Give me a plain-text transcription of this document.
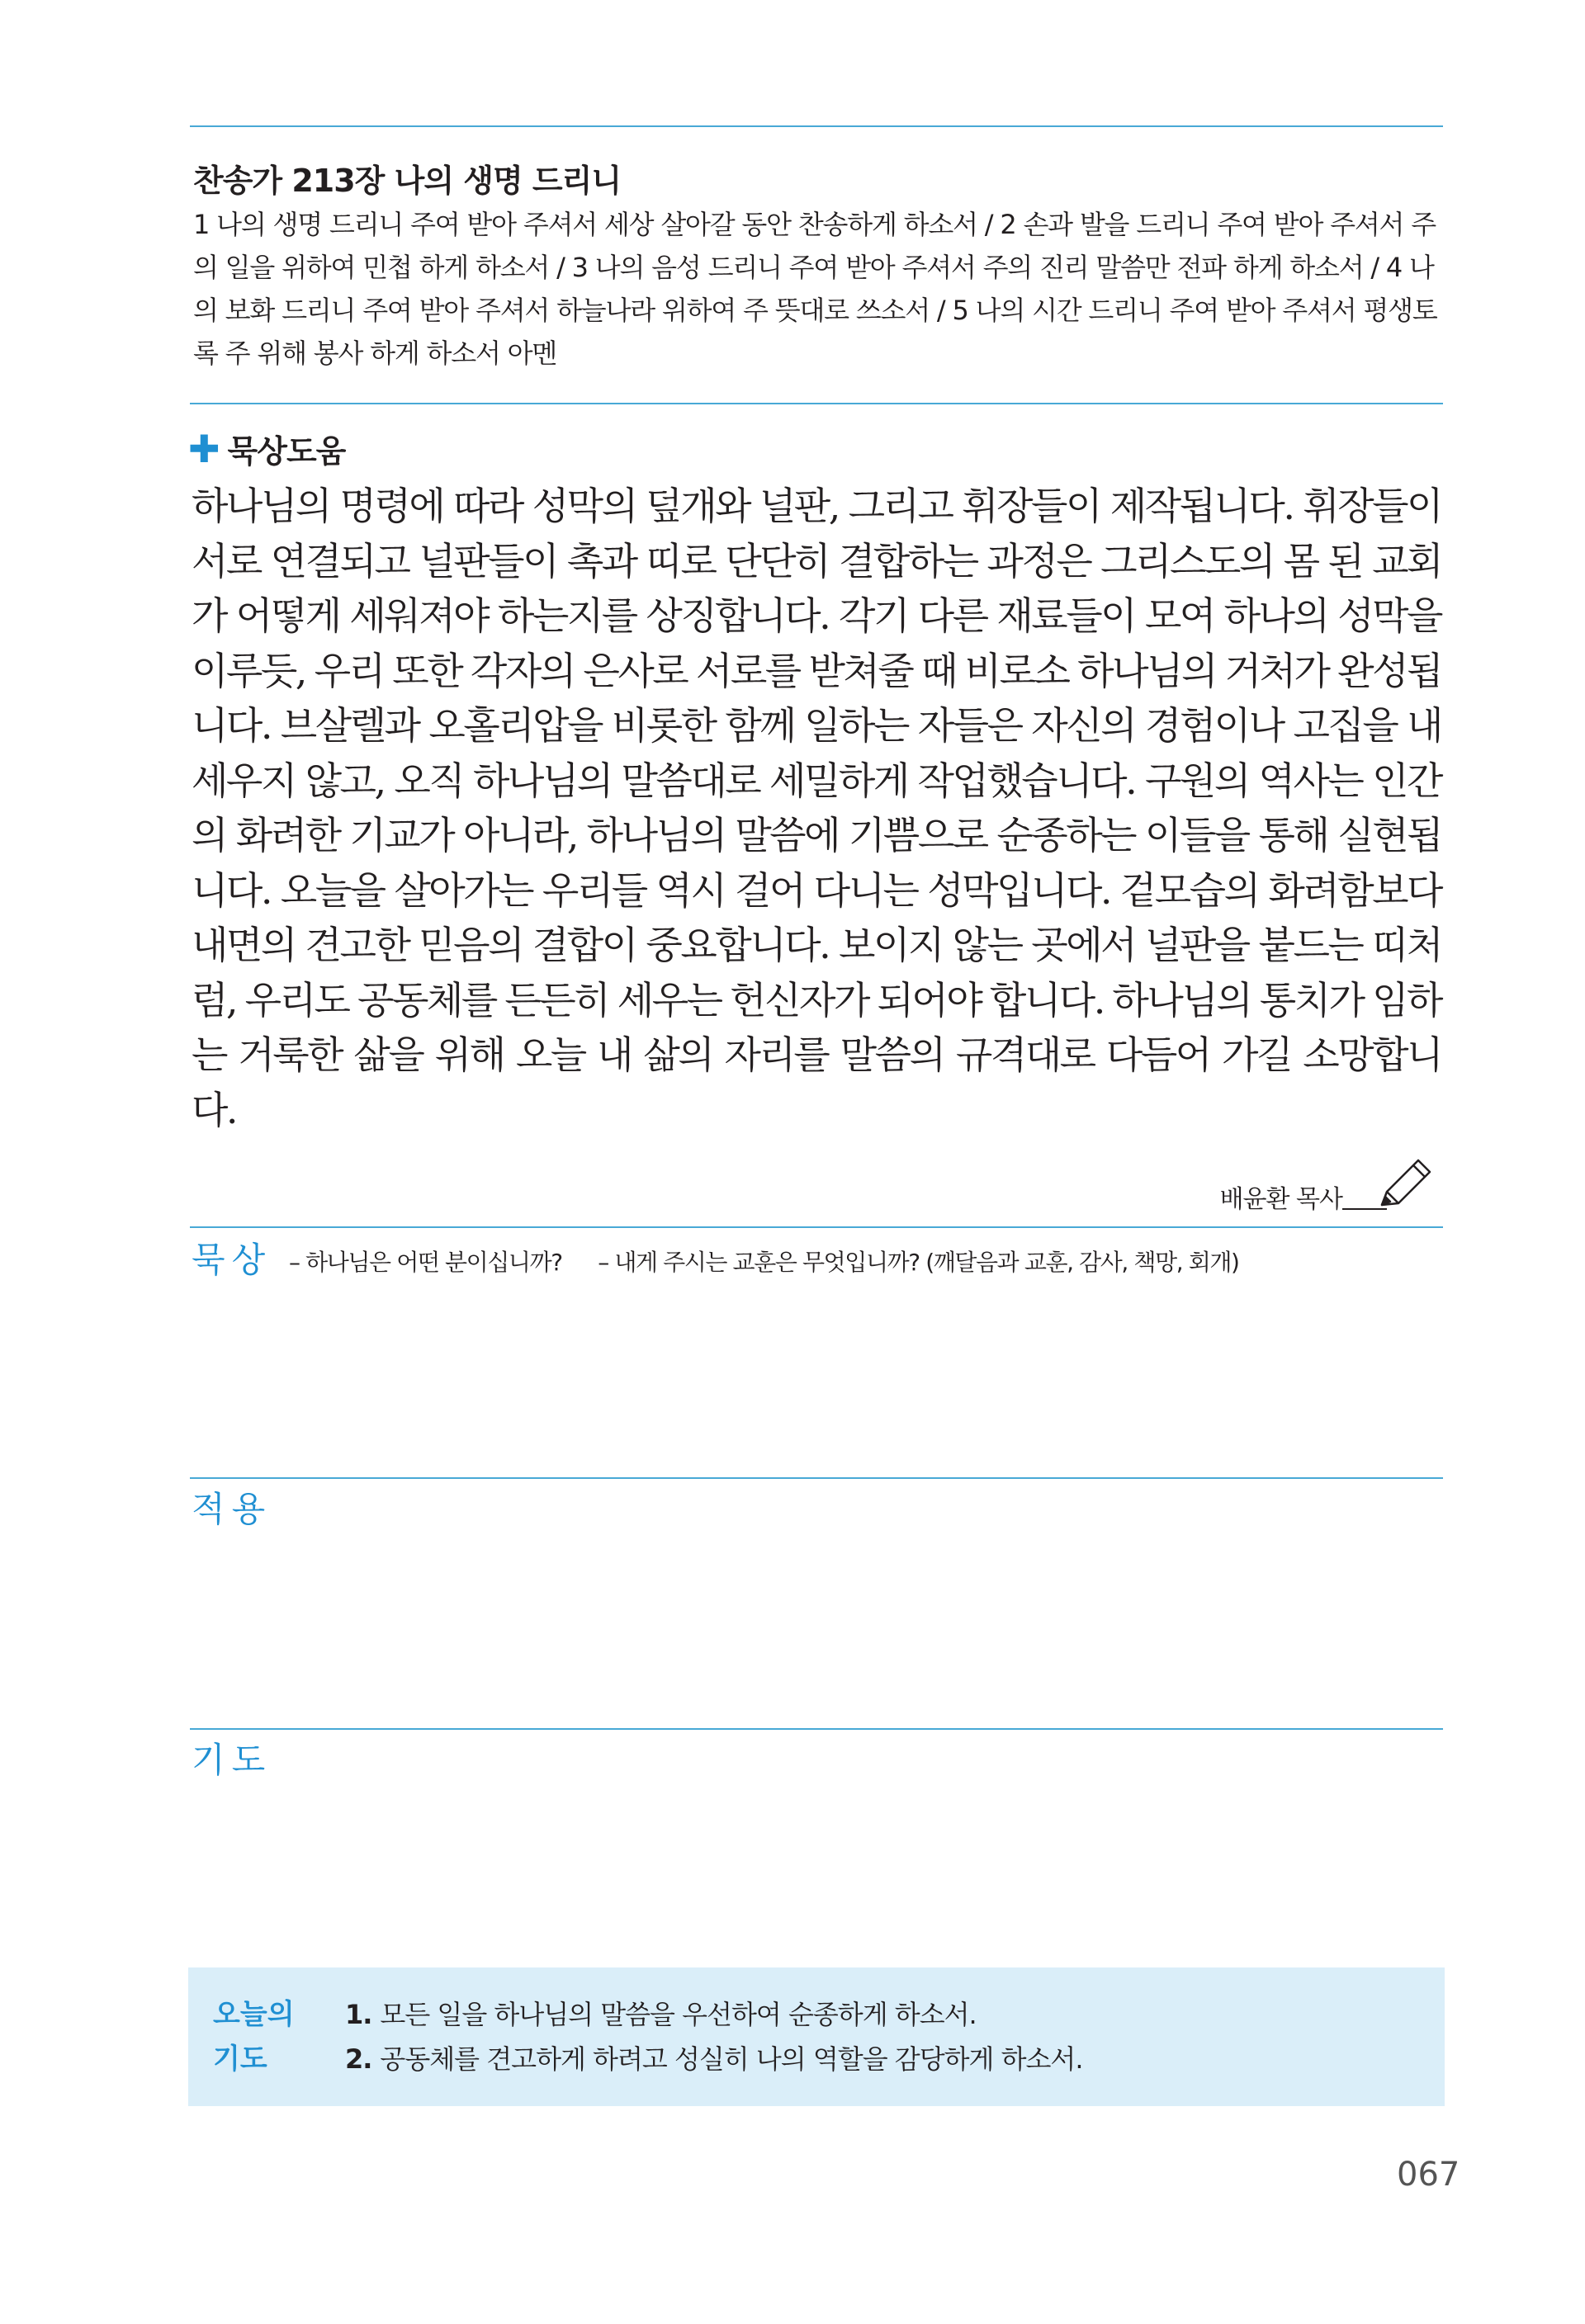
찬송가 213장 나의 생명 드리니
1 나의 생명 드리니 주여 받아 주셔서 세상 살아갈 동안 찬송하게 하소서 / 2 손과 발을 드리니 주여 받아 주셔서 주의 일을 위하여 민첩 하게 하소서 / 3 나의 음성 드리니 주여 받아 주셔서 주의 진리 말씀만 전파 하게 하소서 / 4 나의 보화 드리니 주여 받아 주셔서 하늘나라 위하여 주 뜻대로 쓰소서 / 5 나의 시간 드리니 주여 받아 주셔서 평생토록 주 위해 봉사 하게 하소서 아멘
✚ 묵상도움
하나님의 명령에 따라 성막의 덮개와 널판, 그리고 휘장들이 제작됩니다. 휘장들이 서로 연결되고 널판들이 촉과 띠로 단단히 결합하는 과정은 그리스도의 몸 된 교회가 어떻게 세워져야 하는지를 상징합니다. 각기 다른 재료들이 모여 하나의 성막을 이루듯, 우리 또한 각자의 은사로 서로를 받쳐줄 때 비로소 하나님의 거처가 완성됩니다. 브살렐과 오홀리압을 비롯한 함께 일하는 자들은 자신의 경험이나 고집을 내세우지 않고, 오직 하나님의 말씀대로 세밀하게 작업했습니다. 구원의 역사는 인간의 화려한 기교가 아니라, 하나님의 말씀에 기쁨으로 순종하는 이들을 통해 실현됩니다. 오늘을 살아가는 우리들 역시 걸어 다니는 성막입니다. 겉모습의 화려함보다 내면의 견고한 믿음의 결합이 중요합니다. 보이지 않는 곳에서 널판을 붙드는 띠처럼, 우리도 공동체를 든든히 세우는 헌신자가 되어야 합니다. 하나님의 통치가 임하는 거룩한 삶을 위해 오늘 내 삶의 자리를 말씀의 규격대로 다듬어 가길 소망합니다.
배윤환 목사
묵상 – 하나님은 어떤 분이십니까? – 내게 주시는 교훈은 무엇입니까? (깨달음과 교훈, 감사, 책망, 회개)
적용
기도
오늘의
기도
1. 모든 일을 하나님의 말씀을 우선하여 순종하게 하소서.
2. 공동체를 견고하게 하려고 성실히 나의 역할을 감당하게 하소서.
067
